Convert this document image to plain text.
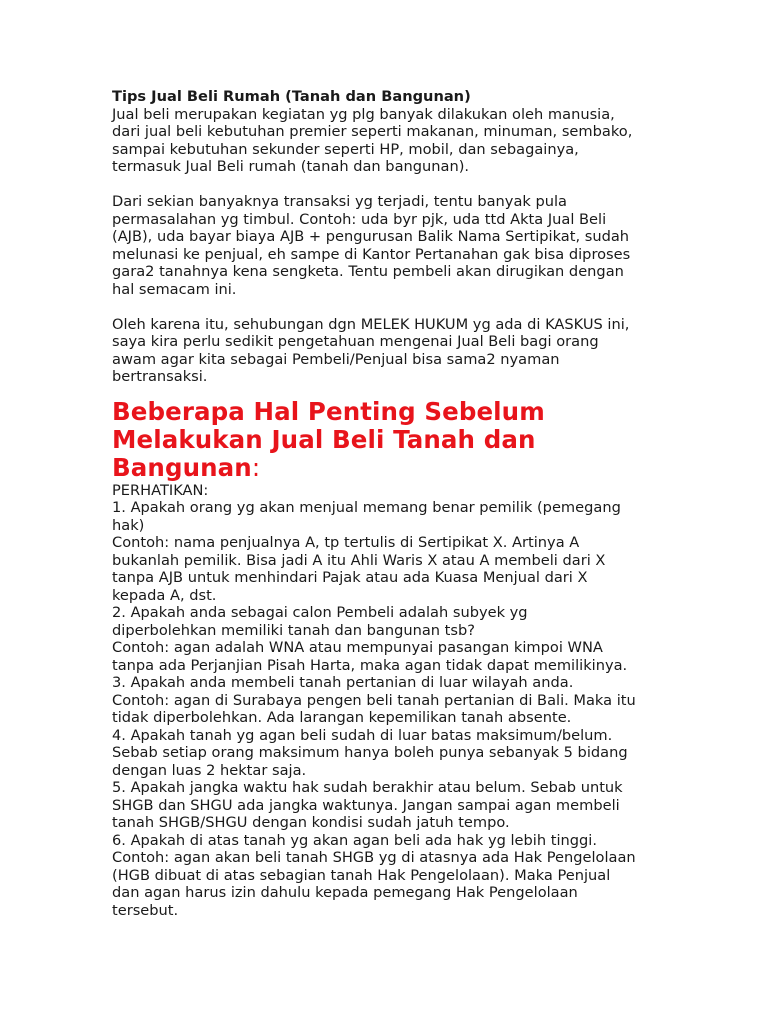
Tips Jual Beli Rumah (Tanah dan Bangunan)

Jual beli merupakan kegiatan yg plg banyak dilakukan oleh manusia,

dari jual beli kebutuhan premier seperti makanan, minuman, sembako,

sampai kebutuhan sekunder seperti HP, mobil, dan sebagainya,

termasuk Jual Beli rumah (tanah dan bangunan).

Dari sekian banyaknya transaksi yg terjadi, tentu banyak pula

permasalahan yg timbul. Contoh: uda byr pjk, uda ttd Akta Jual Beli

(AJB), uda bayar biaya AJB + pengurusan Balik Nama Sertipikat, sudah

melunasi ke penjual, eh sampe di Kantor Pertanahan gak bisa diproses

gara2 tanahnya kena sengketa. Tentu pembeli akan dirugikan dengan

hal semacam ini.

Oleh karena itu, sehubungan dgn MELEK HUKUM yg ada di KASKUS ini,

saya kira perlu sedikit pengetahuan mengenai Jual Beli bagi orang

awam agar kita sebagai Pembeli/Penjual bisa sama2 nyaman

bertransaksi.

Beberapa Hal Penting Sebelum

Melakukan Jual Beli Tanah dan Bangunan:

PERHATIKAN:

1. Apakah orang yg akan menjual memang benar pemilik (pemegang

hak)

Contoh: nama penjualnya A, tp tertulis di Sertipikat X. Artinya A

bukanlah pemilik. Bisa jadi A itu Ahli Waris X atau A membeli dari X

tanpa AJB untuk menhindari Pajak atau ada Kuasa Menjual dari X

kepada A, dst.

2. Apakah anda sebagai calon Pembeli adalah subyek yg

diperbolehkan memiliki tanah dan bangunan tsb?

Contoh: agan adalah WNA atau mempunyai pasangan kimpoi WNA

tanpa ada Perjanjian Pisah Harta, maka agan tidak dapat memilikinya.

3. Apakah anda membeli tanah pertanian di luar wilayah anda.

Contoh: agan di Surabaya pengen beli tanah pertanian di Bali. Maka itu

tidak diperbolehkan. Ada larangan kepemilikan tanah absente.

4. Apakah tanah yg agan beli sudah di luar batas maksimum/belum.

Sebab setiap orang maksimum hanya boleh punya sebanyak 5 bidang

dengan luas 2 hektar saja.

5. Apakah jangka waktu hak sudah berakhir atau belum. Sebab untuk

SHGB dan SHGU ada jangka waktunya. Jangan sampai agan membeli

tanah SHGB/SHGU dengan kondisi sudah jatuh tempo.

6. Apakah di atas tanah yg akan agan beli ada hak yg lebih tinggi.

Contoh: agan akan beli tanah SHGB yg di atasnya ada Hak Pengelolaan

(HGB dibuat di atas sebagian tanah Hak Pengelolaan). Maka Penjual

dan agan harus izin dahulu kepada pemegang Hak Pengelolaan

tersebut.
